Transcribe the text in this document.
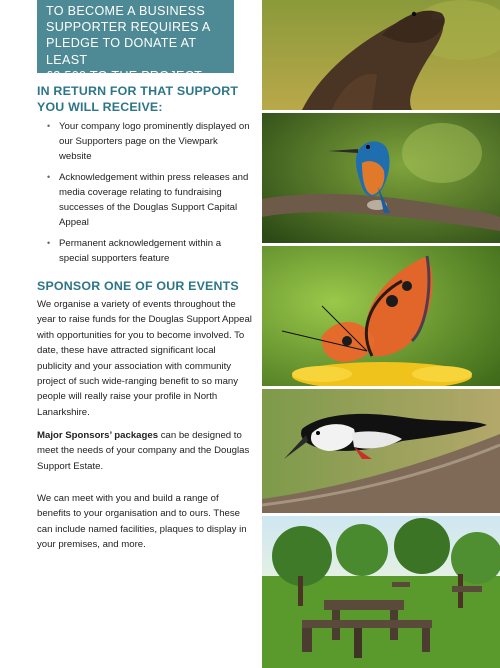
TO BECOME A BUSINESS
SUPPORTER REQUIRES A
PLEDGE TO DONATE AT LEAST
£2,500 TO THE PROJECT.
IN RETURN FOR THAT SUPPORT
YOU WILL RECEIVE:
• Your company logo prominently displayed on our Supporters page on the Viewpark website
• Acknowledgement within press releases and media coverage relating to fundraising successes of the Douglas Support Capital Appeal
• Permanent acknowledgement within a special supporters feature
SPONSOR ONE OF OUR EVENTS

We organise a variety of events throughout the year to raise funds for the Douglas Support Appeal with opportunities for you to become involved. To date, these have attracted significant local publicity and your association with community project of such wide-ranging benefit to so many people will really raise your profile in North Lanarkshire.

Major Sponsors’ packages can be designed to meet the needs of your company and the Douglas Support Estate.

We can meet with you and build a range of benefits to your organisation and to ours. These can include named facilities, plaques to display in your premises, and more.
